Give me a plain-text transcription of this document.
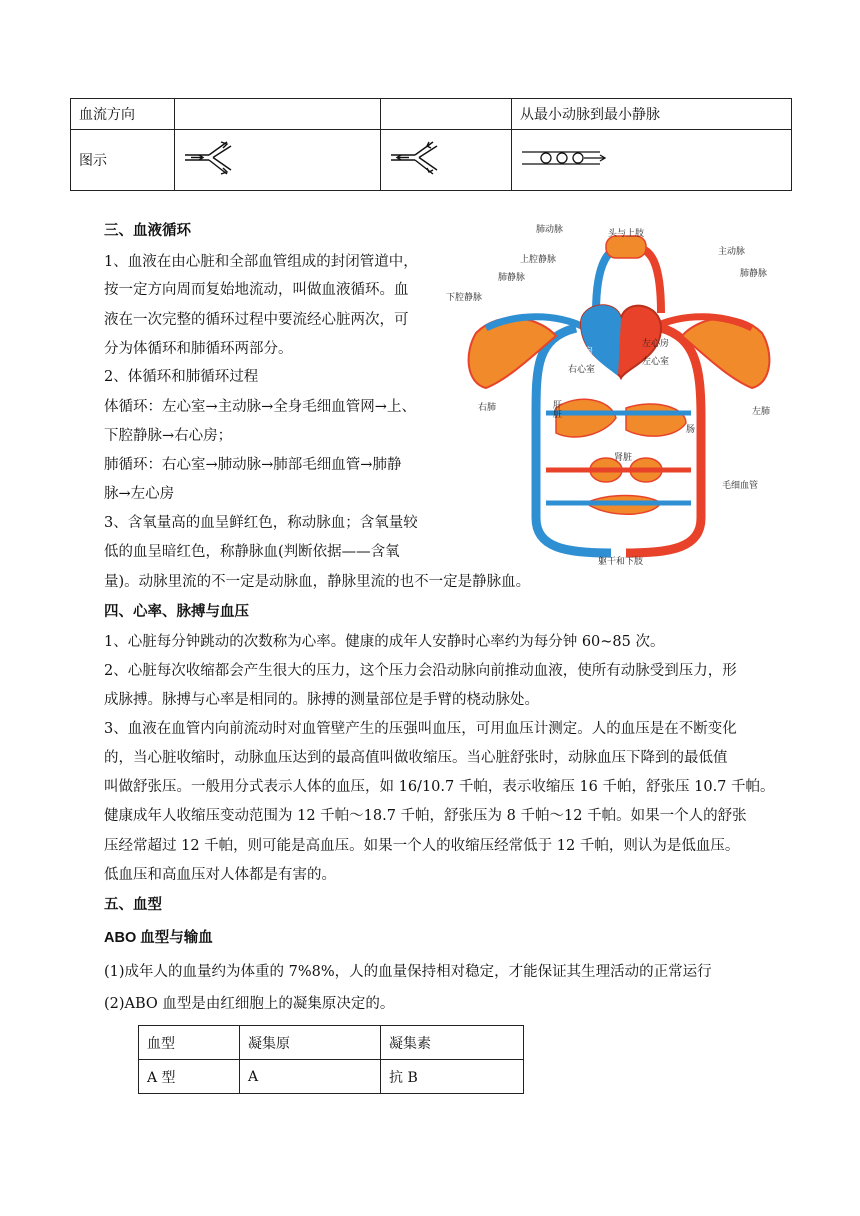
血流方向			从最小动脉到最小静脉
图示			
三、血液循环
1、血液在由心脏和全部血管组成的封闭管道中，
按一定方向周而复始地流动，叫做血液循环。血
液在一次完整的循环过程中要流经心脏两次，可
分为体循环和肺循环两部分。
2、体循环和肺循环过程
体循环：左心室→主动脉→全身毛细血管网→上、
下腔静脉→右心房；
肺循环：右心室→肺动脉→肺部毛细血管→肺静
脉→左心房
3、含氧量高的血呈鲜红色，称动脉血；含氧量较
低的血呈暗红色，称静脉血(判断依据——含氧
量)。动脉里流的不一定是动脉血，静脉里流的也不一定是静脉血。
肺动脉	头与上肢
上腔静脉
主动脉
肺静脉	肺静脉
下腔静脉
右心房
左心房
右心室
左心室
右肺	左肺
肝脏
肠
肾脏
毛细血管
躯干和下肢
四、心率、脉搏与血压
1、心脏每分钟跳动的次数称为心率。健康的成年人安静时心率约为每分钟 60~85 次。
2、心脏每次收缩都会产生很大的压力，这个压力会沿动脉向前推动血液，使所有动脉受到压力，形
成脉搏。脉搏与心率是相同的。脉搏的测量部位是手臂的桡动脉处。
3、血液在血管内向前流动时对血管壁产生的压强叫血压，可用血压计测定。人的血压是在不断变化
的，当心脏收缩时，动脉血压达到的最高值叫做收缩压。当心脏舒张时，动脉血压下降到的最低值
叫做舒张压。一般用分式表示人体的血压，如 16/10.7 千帕，表示收缩压 16 千帕，舒张压 10.7 千帕。
健康成年人收缩压变动范围为 12 千帕～18.7 千帕，舒张压为 8 千帕～12 千帕。如果一个人的舒张
压经常超过 12 千帕，则可能是高血压。如果一个人的收缩压经常低于 12 千帕，则认为是低血压。
低血压和高血压对人体都是有害的。
五、血型
ABO 血型与输血
(1)成年人的血量约为体重的 7%8%，人的血量保持相对稳定，才能保证其生理活动的正常运行
(2)ABO 血型是由红细胞上的凝集原决定的。
血型	凝集原	凝集素
A 型	A	抗 B
